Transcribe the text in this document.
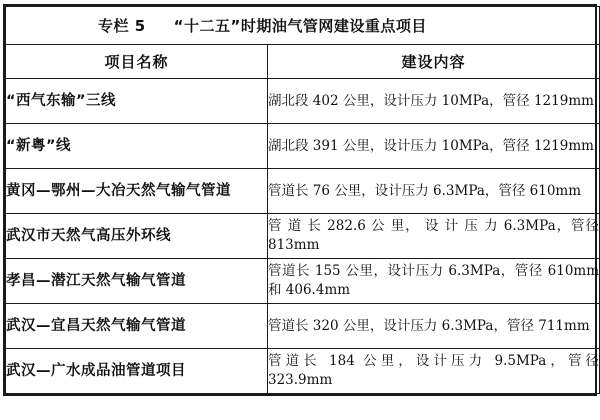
专栏 5 “十二五”时期油气管网建设重点项目	

项目名称	建设内容
“西气东输”三线	湖北段 402 公里，设计压力 10MPa，管径 1219mm
“新粤”线	湖北段 391 公里，设计压力 10MPa，管径 1219mm
黄冈—鄂州—大冶天然气输气管道	管道长 76 公里，设计压力 6.3MPa，管径 610mm
武汉市天然气高压外环线	管 道 长 282.6 公 里， 设 计 压 力 6.3MPa，管径 813mm
孝昌—潜江天然气输气管道	管道长 155 公里，设计压力 6.3MPa，管径 610mm 和 406.4mm
武汉—宜昌天然气输气管道	管道长 320 公里，设计压力 6.3MPa，管径 711mm
武汉—广水成品油管道项目	管道长 184 公里，设计压力 9.5MPa，管径 323.9mm
